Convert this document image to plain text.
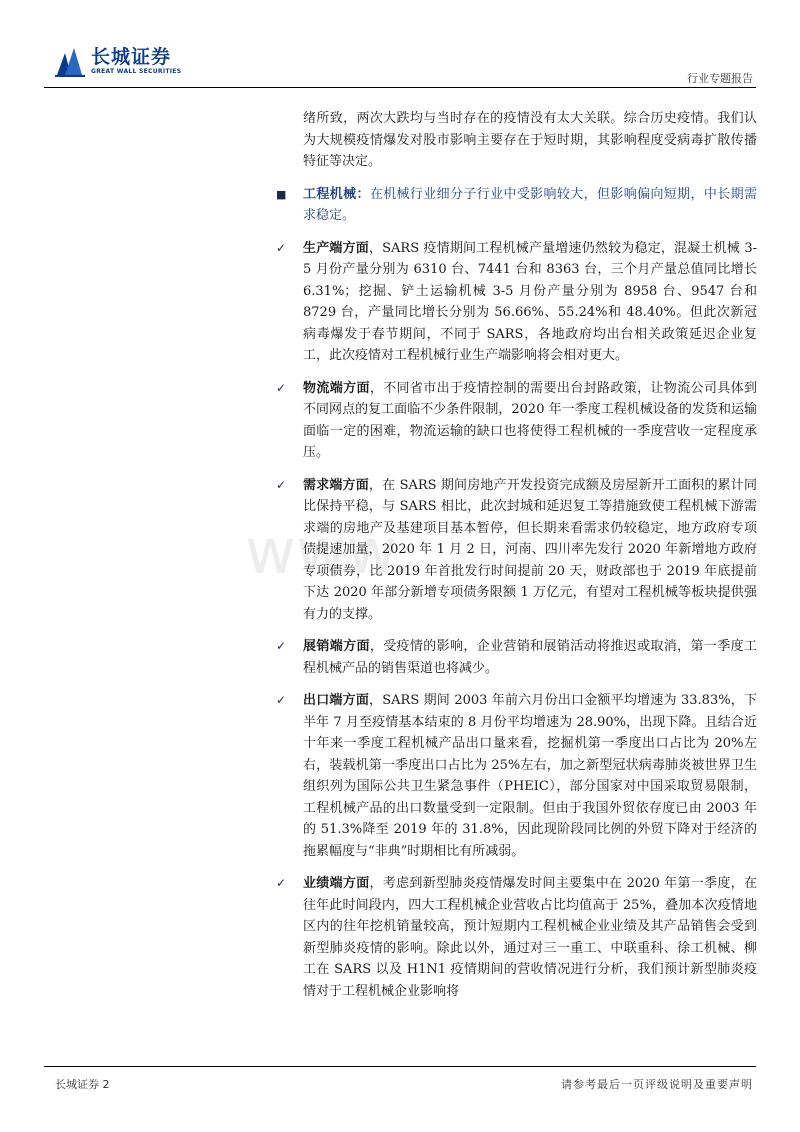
长城证券
GREAT WALL SECURITIES
行业专题报告
www.

绪所致，两次大跌均与当时存在的疫情没有太大关联。综合历史疫情。我们认为大规模疫情爆发对股市影响主要存在于短时期，其影响程度受病毒扩散传播特征等决定。

■ 工程机械：在机械行业细分子行业中受影响较大，但影响偏向短期，中长期需求稳定。

✓ 生产端方面，SARS 疫情期间工程机械产量增速仍然较为稳定，混凝土机械 3-5 月份产量分别为 6310 台、7441 台和 8363 台，三个月产量总值同比增长 6.31%；挖掘、铲土运输机械 3-5 月份产量分别为 8958 台、9547 台和 8729 台，产量同比增长分别为 56.66%、55.24%和 48.40%。但此次新冠病毒爆发于春节期间，不同于 SARS，各地政府均出台相关政策延迟企业复工，此次疫情对工程机械行业生产端影响将会相对更大。

✓ 物流端方面，不同省市出于疫情控制的需要出台封路政策，让物流公司具体到不同网点的复工面临不少条件限制，2020 年一季度工程机械设备的发货和运输面临一定的困难，物流运输的缺口也将使得工程机械的一季度营收一定程度承压。

✓ 需求端方面，在 SARS 期间房地产开发投资完成额及房屋新开工面积的累计同比保持平稳，与 SARS 相比，此次封城和延迟复工等措施致使工程机械下游需求端的房地产及基建项目基本暂停，但长期来看需求仍较稳定，地方政府专项债提速加量，2020 年 1 月 2 日，河南、四川率先发行 2020 年新增地方政府专项债券，比 2019 年首批发行时间提前 20 天，财政部也于 2019 年底提前下达 2020 年部分新增专项债务限额 1 万亿元，有望对工程机械等板块提供强有力的支撑。

✓ 展销端方面，受疫情的影响，企业营销和展销活动将推迟或取消，第一季度工程机械产品的销售渠道也将减少。

✓ 出口端方面，SARS 期间 2003 年前六月份出口金额平均增速为 33.83%，下半年 7 月至疫情基本结束的 8 月份平均增速为 28.90%，出现下降。且结合近十年来一季度工程机械产品出口量来看，挖掘机第一季度出口占比为 20%左右，装载机第一季度出口占比为 25%左右，加之新型冠状病毒肺炎被世界卫生组织列为国际公共卫生紧急事件（PHEIC），部分国家对中国采取贸易限制，工程机械产品的出口数量受到一定限制。但由于我国外贸依存度已由 2003 年的 51.3%降至 2019 年的 31.8%，因此现阶段同比例的外贸下降对于经济的拖累幅度与“非典”时期相比有所减弱。

✓ 业绩端方面，考虑到新型肺炎疫情爆发时间主要集中在 2020 年第一季度，在往年此时间段内，四大工程机械企业营收占比均值高于 25%，叠加本次疫情地区内的往年挖机销量较高，预计短期内工程机械企业业绩及其产品销售会受到新型肺炎疫情的影响。除此以外，通过对三一重工、中联重科、徐工机械、柳工在 SARS 以及 H1N1 疫情期间的营收情况进行分析，我们预计新型肺炎疫情对于工程机械企业影响将

长城证券 2	请参考最后一页评级说明及重要声明
